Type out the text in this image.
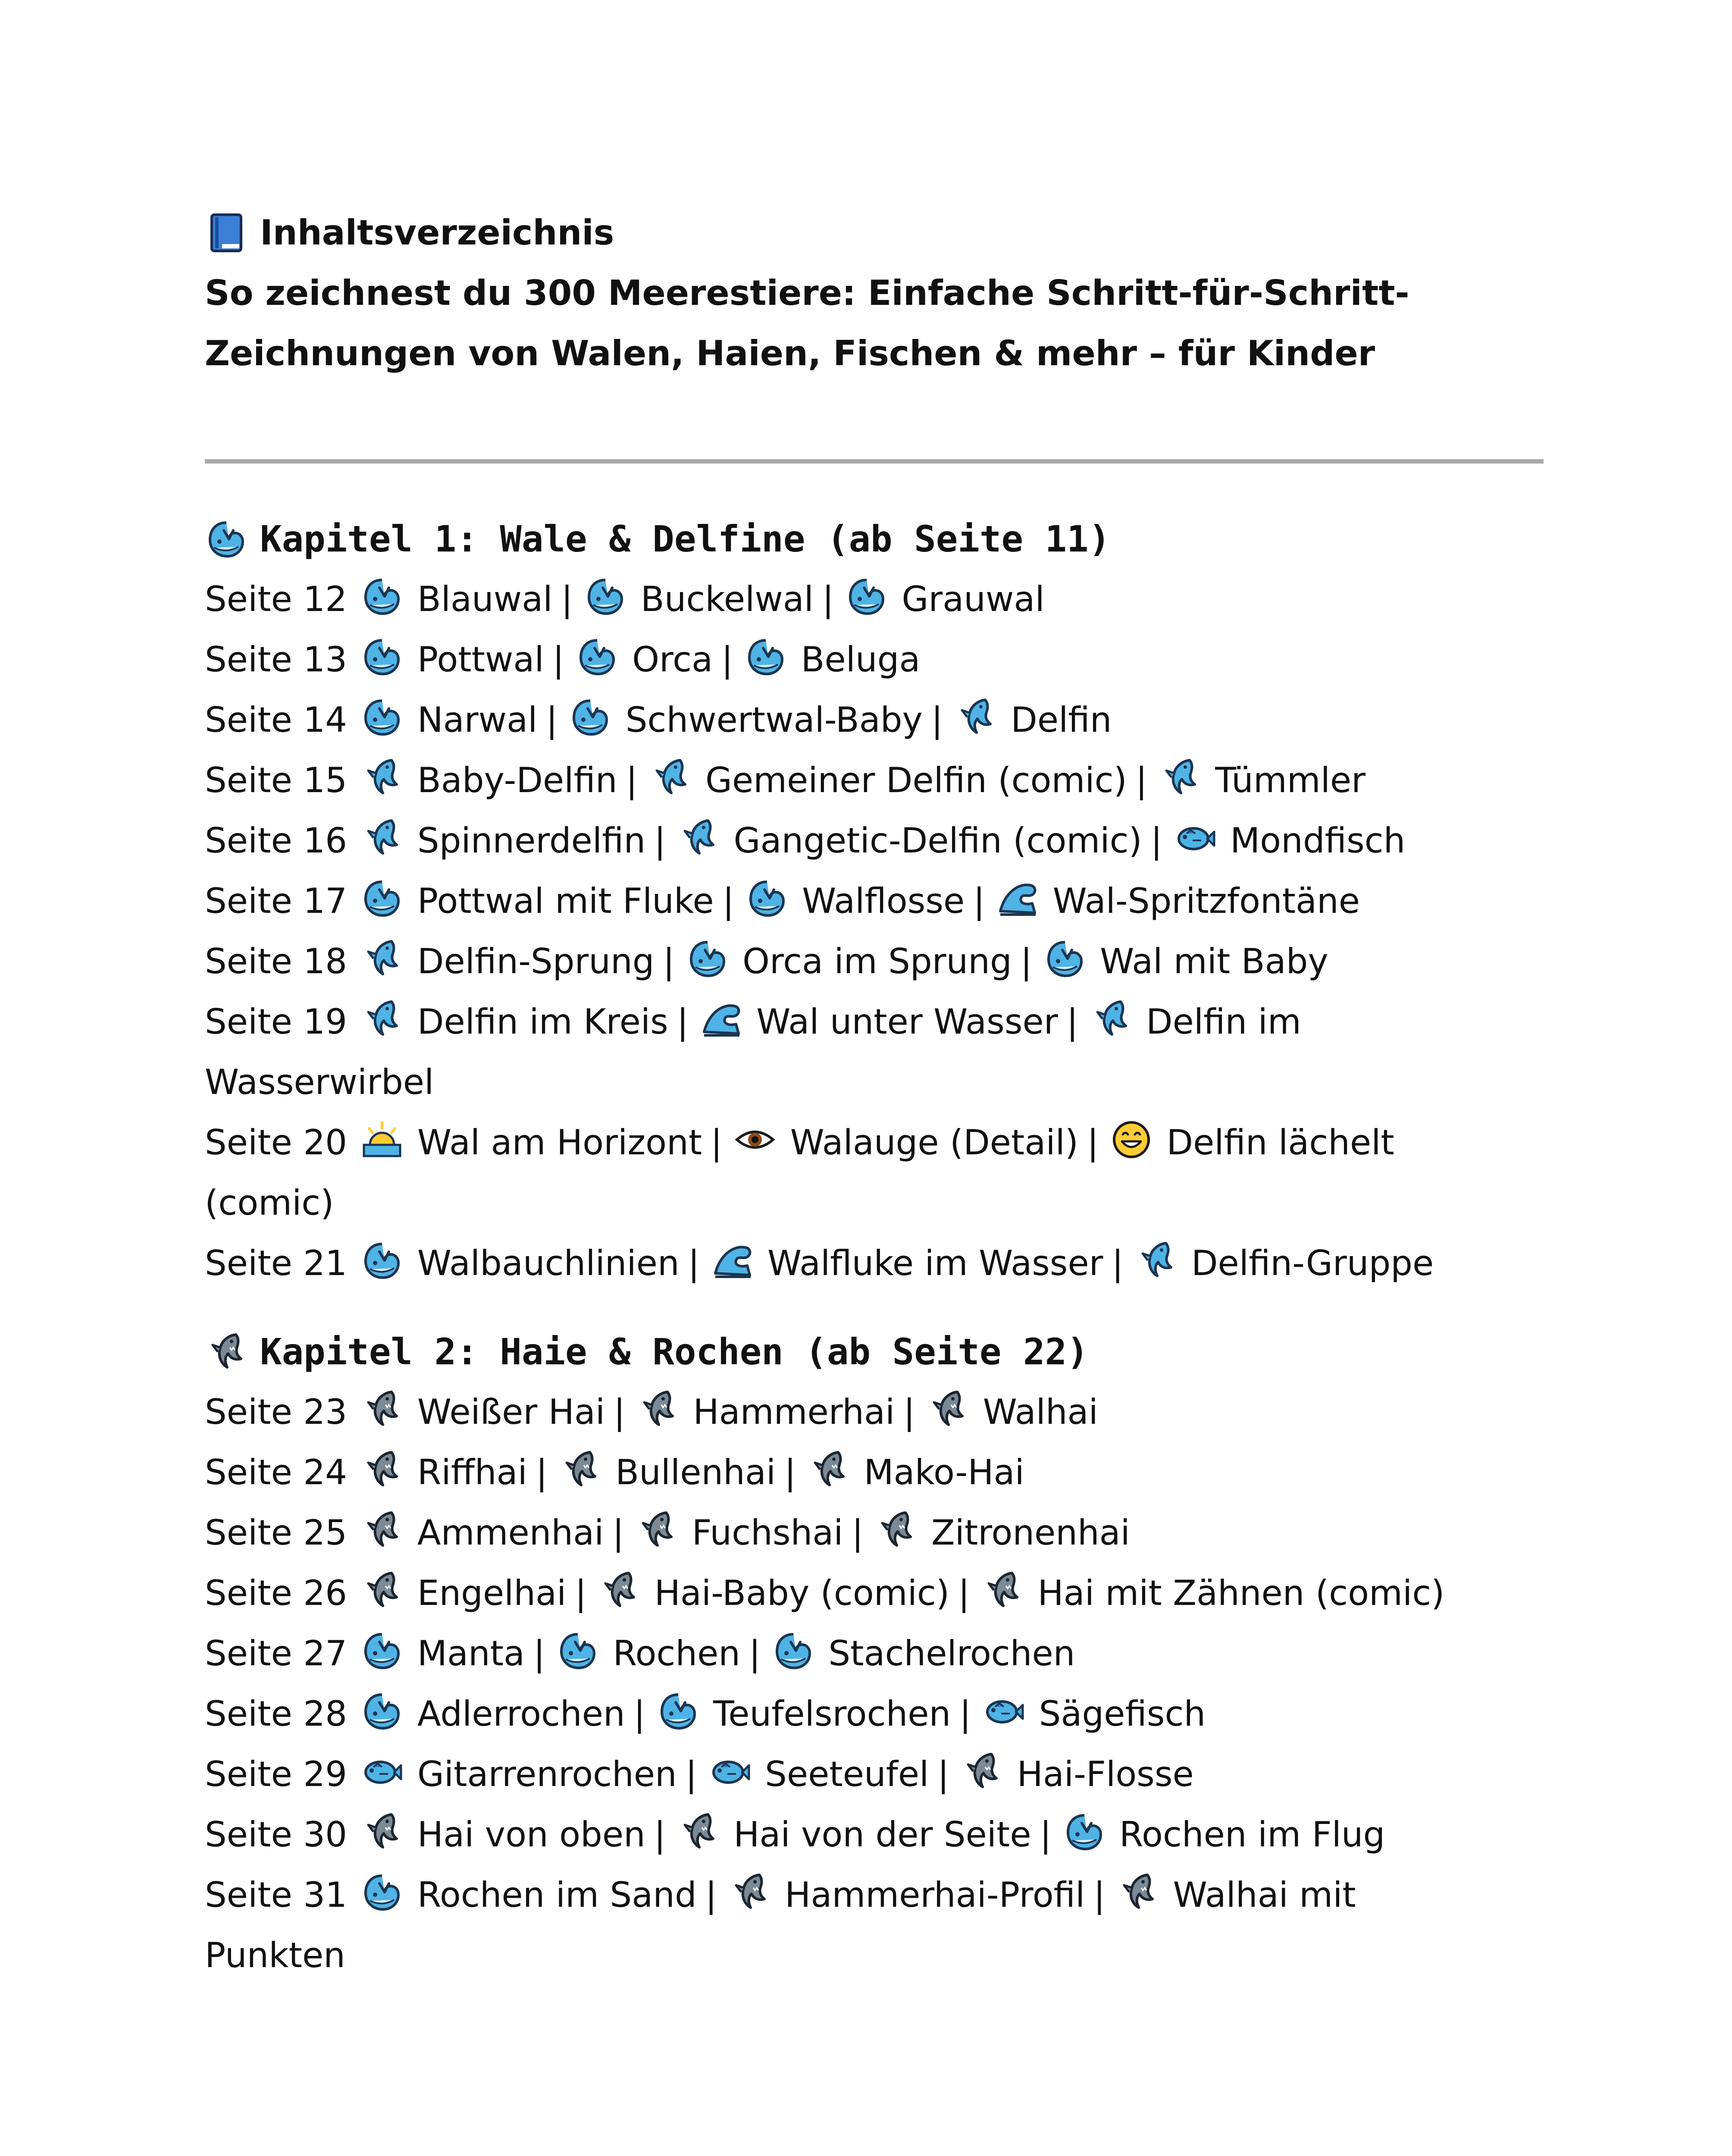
Inhaltsverzeichnis

So zeichnest du 300 Meerestiere: Einfache Schritt-für-Schritt-

Zeichnungen von Walen, Haien, Fischen & mehr – für Kinder

Kapitel 1: Wale & Delfine (ab Seite 11)

Seite 12 Blauwal | Buckelwal | Grauwal

Seite 13 Pottwal | Orca | Beluga

Seite 14 Narwal | Schwertwal-Baby | Delfin

Seite 15 Baby-Delfin | Gemeiner Delfin (comic) | Tümmler

Seite 16 Spinnerdelfin | Gangetic-Delfin (comic) | Mondfisch

Seite 17 Pottwal mit Fluke | Walflosse | Wal-Spritzfontäne

Seite 18 Delfin-Sprung | Orca im Sprung | Wal mit Baby

Seite 19 Delfin im Kreis | Wal unter Wasser | Delfin im
Wasserwirbel

Seite 20 Wal am Horizont | Walauge (Detail) | Delfin lächelt
(comic)

Seite 21 Walbauchlinien | Walfluke im Wasser | Delfin-Gruppe

Kapitel 2: Haie & Rochen (ab Seite 22)

Seite 23 Weißer Hai | Hammerhai | Walhai

Seite 24 Riffhai | Bullenhai | Mako-Hai

Seite 25 Ammenhai | Fuchshai | Zitronenhai

Seite 26 Engelhai | Hai-Baby (comic) | Hai mit Zähnen (comic)

Seite 27 Manta | Rochen | Stachelrochen

Seite 28 Adlerrochen | Teufelsrochen | Sägefisch

Seite 29 Gitarrenrochen | Seeteufel | Hai-Flosse

Seite 30 Hai von oben | Hai von der Seite | Rochen im Flug

Seite 31 Rochen im Sand | Hammerhai-Profil | Walhai mit
Punkten
